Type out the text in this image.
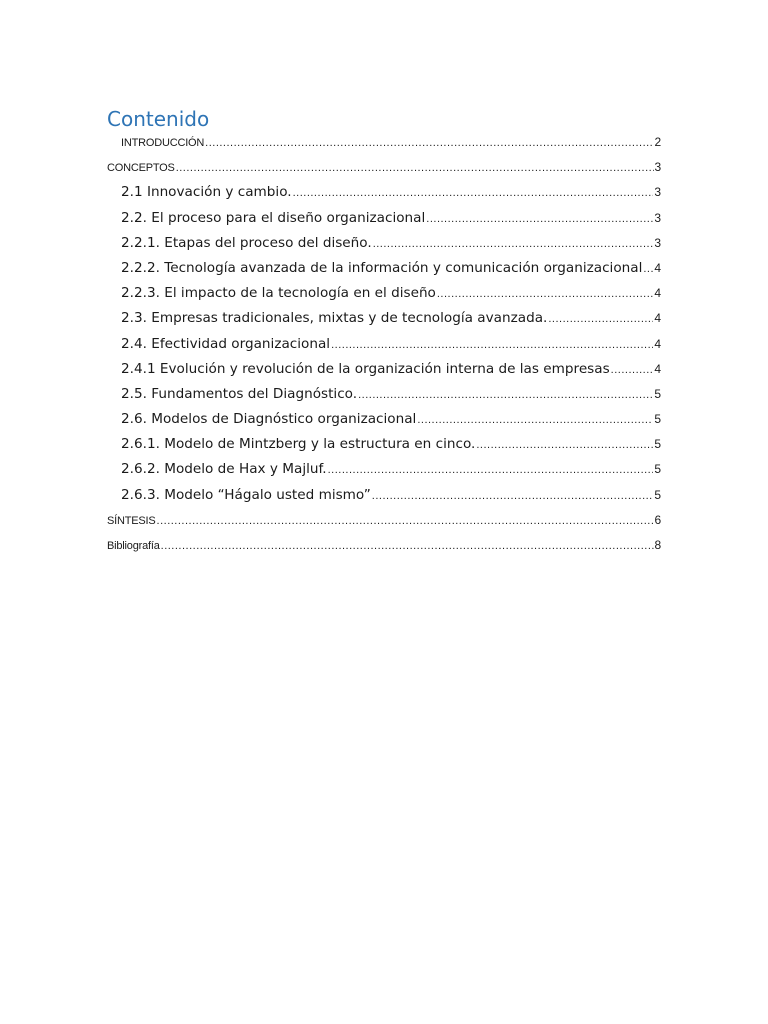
Contenido
INTRODUCCIÓN .....	2
CONCEPTOS .....	3
2.1 Innovación y cambio. .....	3
2.2. El proceso para el diseño organizacional .....	3
2.2.1. Etapas del proceso del diseño. .....	3
2.2.2. Tecnología avanzada de la información y comunicación organizacional ..... 4
2.2.3. El impacto de la tecnología en el diseño .....	4
2.3. Empresas tradicionales, mixtas y de tecnología avanzada. .....	4
2.4. Efectividad organizacional .....	4
2.4.1 Evolución y revolución de la organización interna de las empresas .....	4
2.5. Fundamentos del Diagnóstico. .....	5
2.6. Modelos de Diagnóstico organizacional .....	5
2.6.1. Modelo de Mintzberg y la estructura en cinco. .....	5
2.6.2. Modelo de Hax y Majluf. .....	5
2.6.3. Modelo “Hágalo usted mismo” .....	5
SÍNTESIS .....	6
Bibliografía .....	8
